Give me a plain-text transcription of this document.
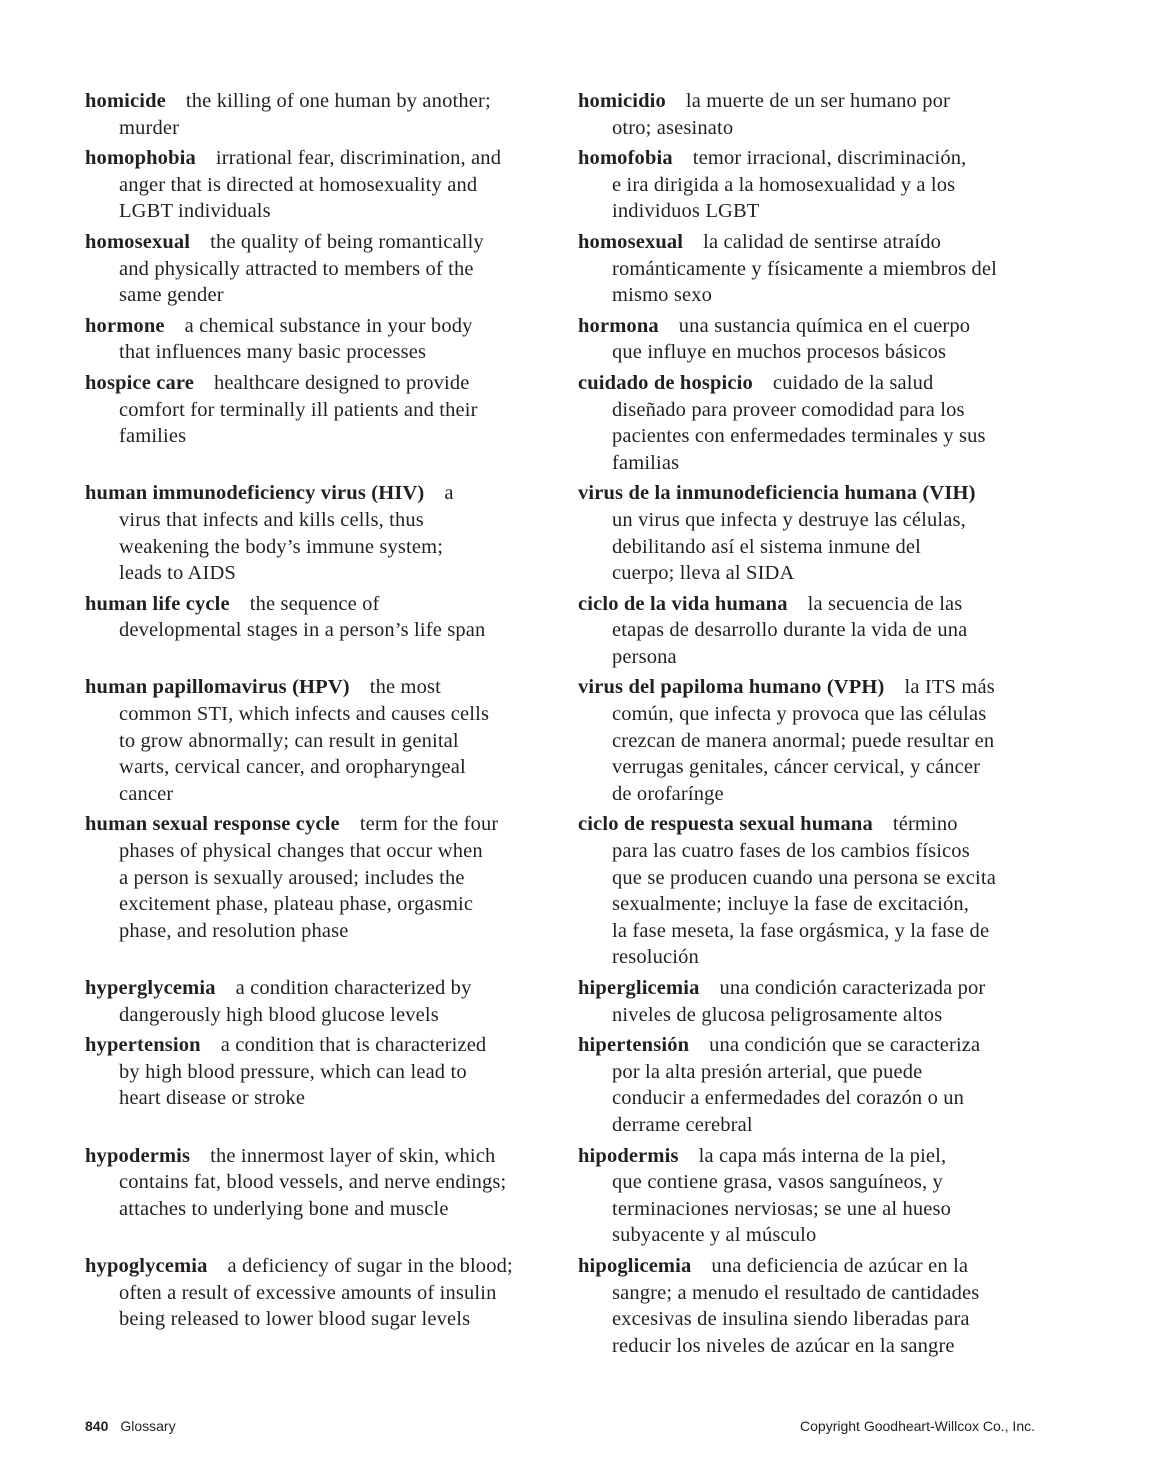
homicide the killing of one human by another;
murder
homicidio la muerte de un ser humano por
otro; asesinato
homophobia irrational fear, discrimination, and
anger that is directed at homosexuality and
LGBT individuals
homofobia temor irracional, discriminación,
e ira dirigida a la homosexualidad y a los
individuos LGBT
homosexual the quality of being romantically
and physically attracted to members of the
same gender
homosexual la calidad de sentirse atraído
románticamente y físicamente a miembros del
mismo sexo
hormone a chemical substance in your body
that influences many basic processes
hormona una sustancia química en el cuerpo
que influye en muchos procesos básicos
hospice care healthcare designed to provide
comfort for terminally ill patients and their
families
cuidado de hospicio cuidado de la salud
diseñado para proveer comodidad para los
pacientes con enfermedades terminales y sus
familias
human immunodeficiency virus (HIV) a
virus that infects and kills cells, thus
weakening the body’s immune system;
leads to AIDS
virus de la inmunodeficiencia humana (VIH)
un virus que infecta y destruye las células,
debilitando así el sistema inmune del
cuerpo; lleva al SIDA
human life cycle the sequence of
developmental stages in a person’s life span
ciclo de la vida humana la secuencia de las
etapas de desarrollo durante la vida de una
persona
human papillomavirus (HPV) the most
common STI, which infects and causes cells
to grow abnormally; can result in genital
warts, cervical cancer, and oropharyngeal
cancer
virus del papiloma humano (VPH) la ITS más
común, que infecta y provoca que las células
crezcan de manera anormal; puede resultar en
verrugas genitales, cáncer cervical, y cáncer
de orofarínge
human sexual response cycle term for the four
phases of physical changes that occur when
a person is sexually aroused; includes the
excitement phase, plateau phase, orgasmic
phase, and resolution phase
ciclo de respuesta sexual humana término
para las cuatro fases de los cambios físicos
que se producen cuando una persona se excita
sexualmente; incluye la fase de excitación,
la fase meseta, la fase orgásmica, y la fase de
resolución
hyperglycemia a condition characterized by
dangerously high blood glucose levels
hiperglicemia una condición caracterizada por
niveles de glucosa peligrosamente altos
hypertension a condition that is characterized
by high blood pressure, which can lead to
heart disease or stroke
hipertensión una condición que se caracteriza
por la alta presión arterial, que puede
conducir a enfermedades del corazón o un
derrame cerebral
hypodermis the innermost layer of skin, which
contains fat, blood vessels, and nerve endings;
attaches to underlying bone and muscle
hipodermis la capa más interna de la piel,
que contiene grasa, vasos sanguíneos, y
terminaciones nerviosas; se une al hueso
subyacente y al músculo
hypoglycemia a deficiency of sugar in the blood;
often a result of excessive amounts of insulin
being released to lower blood sugar levels
hipoglicemia una deficiencia de azúcar en la
sangre; a menudo el resultado de cantidades
excesivas de insulina siendo liberadas para
reducir los niveles de azúcar en la sangre
840 Glossary	Copyright Goodheart-Willcox Co., Inc.
